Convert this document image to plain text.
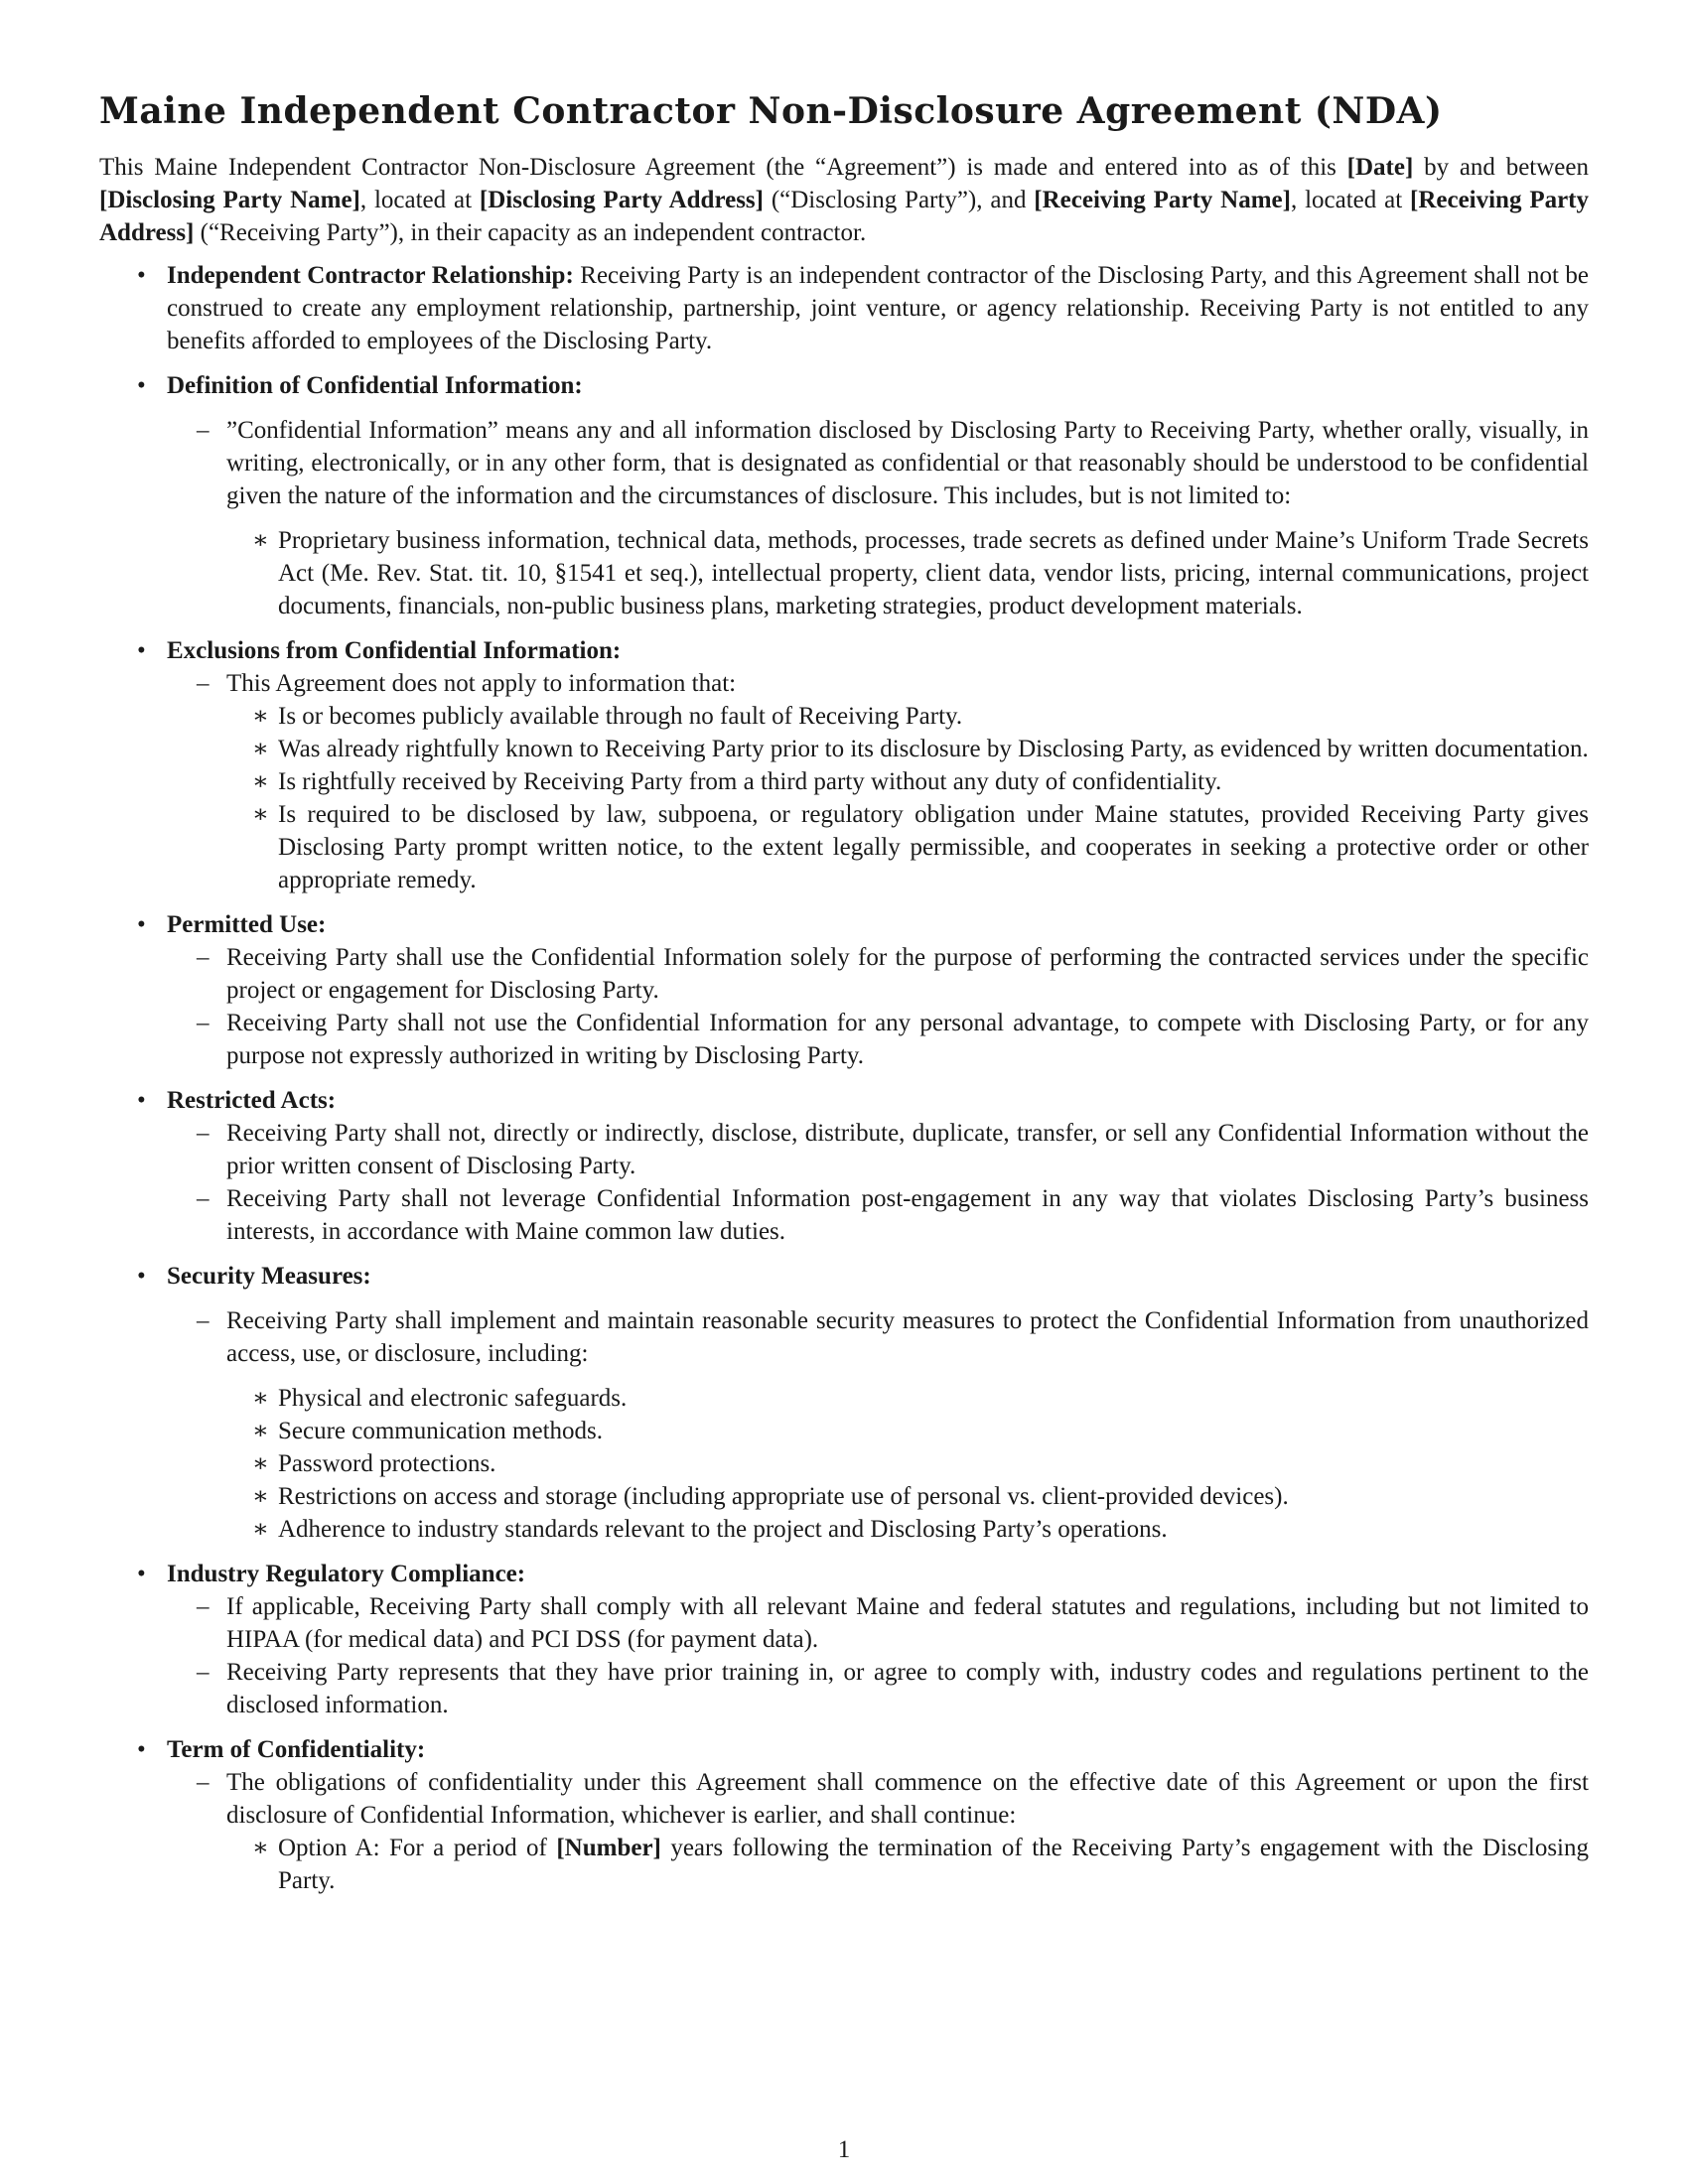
Maine Independent Contractor Non-Disclosure Agreement (NDA)

This Maine Independent Contractor Non-Disclosure Agreement (the “Agreement”) is made and entered into as of this [Date] by and between [Disclosing Party Name], located at [Disclosing Party Address] (“Disclosing Party”), and [Receiving Party Name], located at [Receiving Party Address] (“Receiving Party”), in their capacity as an independent contractor.

• Independent Contractor Relationship: Receiving Party is an independent contractor of the Disclosing Party, and this Agreement shall not be construed to create any employment relationship, partnership, joint venture, or agency relationship. Receiving Party is not entitled to any benefits afforded to employees of the Disclosing Party.
• Definition of Confidential Information:
– ”Confidential Information” means any and all information disclosed by Disclosing Party to Receiving Party, whether orally, visually, in writing, electronically, or in any other form, that is designated as confidential or that reasonably should be understood to be confidential given the nature of the information and the circumstances of disclosure. This includes, but is not limited to:
∗ Proprietary business information, technical data, methods, processes, trade secrets as defined under Maine’s Uniform Trade Secrets Act (Me. Rev. Stat. tit. 10, §1541 et seq.), intellectual property, client data, vendor lists, pricing, internal communications, project documents, financials, non-public business plans, marketing strategies, product development materials.
• Exclusions from Confidential Information:
– This Agreement does not apply to information that:
∗ Is or becomes publicly available through no fault of Receiving Party.
∗ Was already rightfully known to Receiving Party prior to its disclosure by Disclosing Party, as evidenced by written documentation.
∗ Is rightfully received by Receiving Party from a third party without any duty of confidentiality.
∗ Is required to be disclosed by law, subpoena, or regulatory obligation under Maine statutes, provided Receiving Party gives Disclosing Party prompt written notice, to the extent legally permissible, and cooperates in seeking a protective order or other appropriate remedy.
• Permitted Use:
– Receiving Party shall use the Confidential Information solely for the purpose of performing the contracted services under the specific project or engagement for Disclosing Party.
– Receiving Party shall not use the Confidential Information for any personal advantage, to compete with Disclosing Party, or for any purpose not expressly authorized in writing by Disclosing Party.
• Restricted Acts:
– Receiving Party shall not, directly or indirectly, disclose, distribute, duplicate, transfer, or sell any Confidential Information without the prior written consent of Disclosing Party.
– Receiving Party shall not leverage Confidential Information post-engagement in any way that violates Disclosing Party’s business interests, in accordance with Maine common law duties.
• Security Measures:
– Receiving Party shall implement and maintain reasonable security measures to protect the Confidential Information from unauthorized access, use, or disclosure, including:
∗ Physical and electronic safeguards.
∗ Secure communication methods.
∗ Password protections.
∗ Restrictions on access and storage (including appropriate use of personal vs. client-provided devices).
∗ Adherence to industry standards relevant to the project and Disclosing Party’s operations.
• Industry Regulatory Compliance:
– If applicable, Receiving Party shall comply with all relevant Maine and federal statutes and regulations, including but not limited to HIPAA (for medical data) and PCI DSS (for payment data).
– Receiving Party represents that they have prior training in, or agree to comply with, industry codes and regulations pertinent to the disclosed information.
• Term of Confidentiality:
– The obligations of confidentiality under this Agreement shall commence on the effective date of this Agreement or upon the first disclosure of Confidential Information, whichever is earlier, and shall continue:
∗ Option A: For a period of [Number] years following the termination of the Receiving Party’s engagement with the Disclosing Party.
1
